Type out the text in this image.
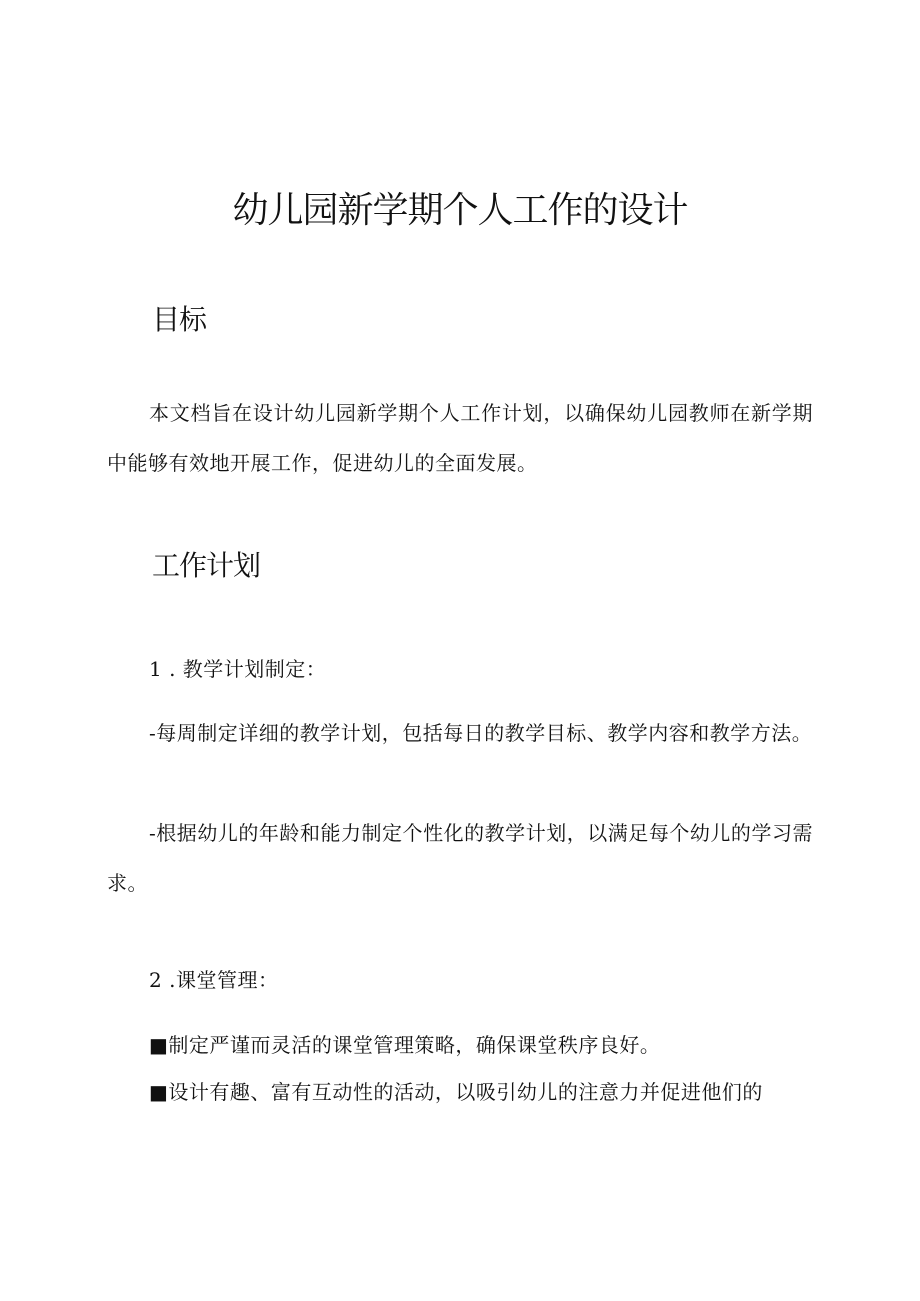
幼儿园新学期个人工作的设计
目标

本文档旨在设计幼儿园新学期个人工作计划，以确保幼儿园教师在新学期中能够有效地开展工作，促进幼儿的全面发展。

工作计划

1 . 教学计划制定：

-每周制定详细的教学计划，包括每日的教学目标、教学内容和教学方法。

-根据幼儿的年龄和能力制定个性化的教学计划，以满足每个幼儿的学习需求。

2 .课堂管理：

■制定严谨而灵活的课堂管理策略，确保课堂秩序良好。

■设计有趣、富有互动性的活动，以吸引幼儿的注意力并促进他们的
